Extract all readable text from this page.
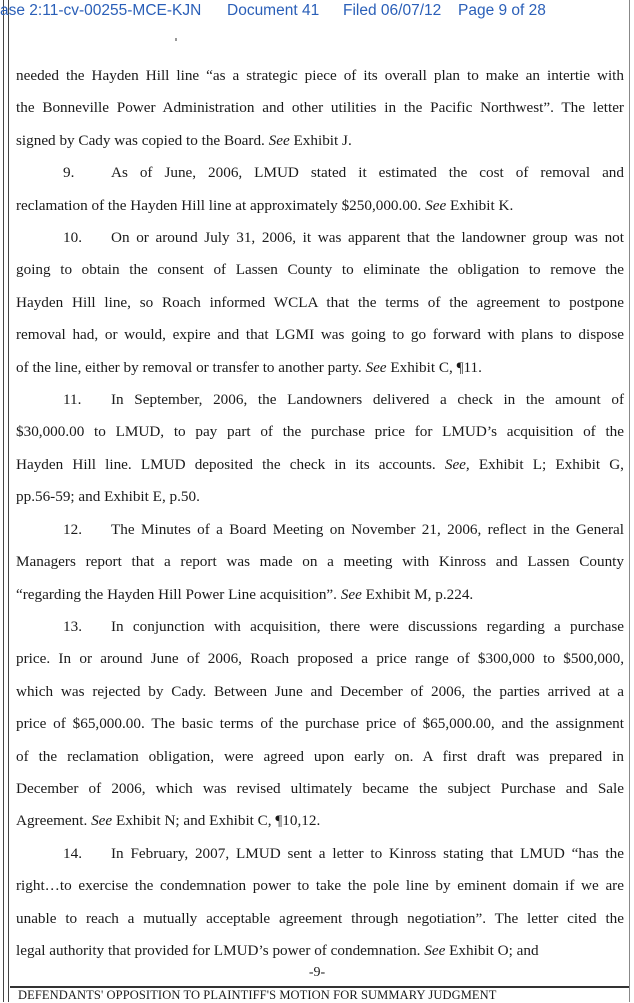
ase 2:11-cv-00255-MCE-KJN Document 41 Filed 06/07/12 Page 9 of 28

needed the Hayden Hill line “as a strategic piece of its overall plan to make an intertie with
the Bonneville Power Administration and other utilities in the Pacific Northwest”. The letter
signed by Cady was copied to the Board. See Exhibit J.

9. As of June, 2006, LMUD stated it estimated the cost of removal and
reclamation of the Hayden Hill line at approximately $250,000.00. See Exhibit K.

10. On or around July 31, 2006, it was apparent that the landowner group was not
going to obtain the consent of Lassen County to eliminate the obligation to remove the
Hayden Hill line, so Roach informed WCLA that the terms of the agreement to postpone
removal had, or would, expire and that LGMI was going to go forward with plans to dispose
of the line, either by removal or transfer to another party. See Exhibit C, ¶11.

11. In September, 2006, the Landowners delivered a check in the amount of
$30,000.00 to LMUD, to pay part of the purchase price for LMUD’s acquisition of the
Hayden Hill line. LMUD deposited the check in its accounts. See, Exhibit L; Exhibit G,
pp.56-59; and Exhibit E, p.50.

12. The Minutes of a Board Meeting on November 21, 2006, reflect in the General
Managers report that a report was made on a meeting with Kinross and Lassen County
“regarding the Hayden Hill Power Line acquisition”. See Exhibit M, p.224.

13. In conjunction with acquisition, there were discussions regarding a purchase
price. In or around June of 2006, Roach proposed a price range of $300,000 to $500,000,
which was rejected by Cady. Between June and December of 2006, the parties arrived at a
price of $65,000.00. The basic terms of the purchase price of $65,000.00, and the assignment
of the reclamation obligation, were agreed upon early on. A first draft was prepared in
December of 2006, which was revised ultimately became the subject Purchase and Sale
Agreement. See Exhibit N; and Exhibit C, ¶10,12.

14. In February, 2007, LMUD sent a letter to Kinross stating that LMUD “has the
right…to exercise the condemnation power to take the pole line by eminent domain if we are
unable to reach a mutually acceptable agreement through negotiation”. The letter cited the
legal authority that provided for LMUD’s power of condemnation. See Exhibit O; and

-9-
DEFENDANTS' OPPOSITION TO PLAINTIFF'S MOTION FOR SUMMARY JUDGMENT
